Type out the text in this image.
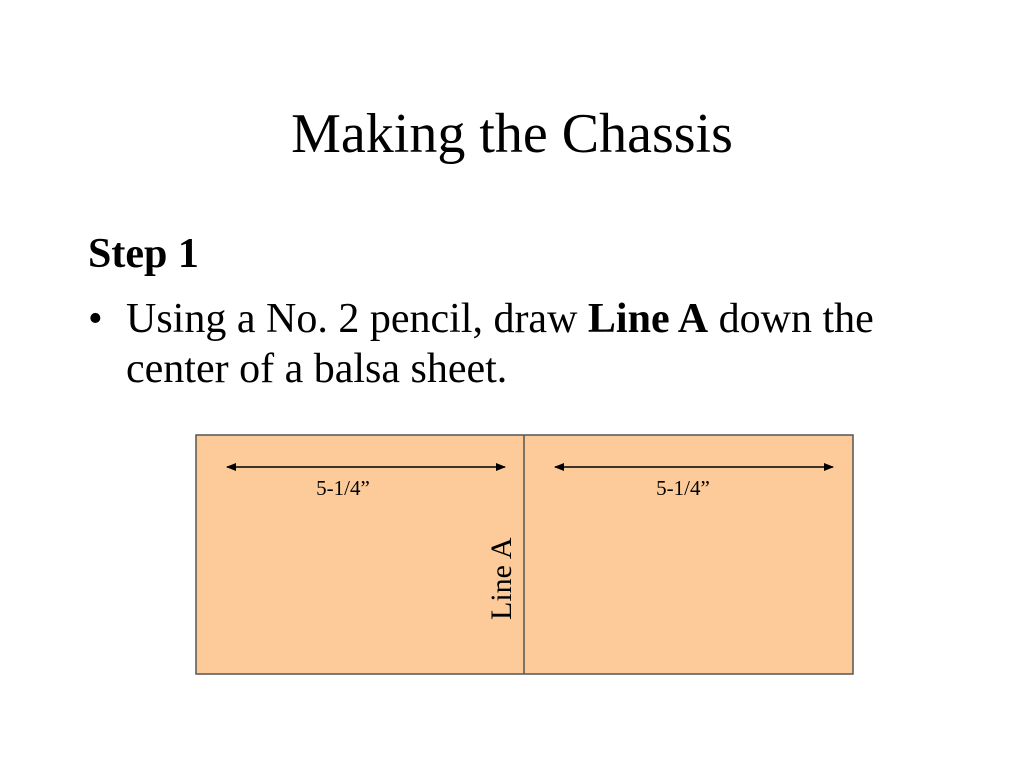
Making the Chassis
Step 1
• Using a No. 2 pencil, draw Line A down the center of a balsa sheet.
5-1/4”	5-1/4”
Line A
